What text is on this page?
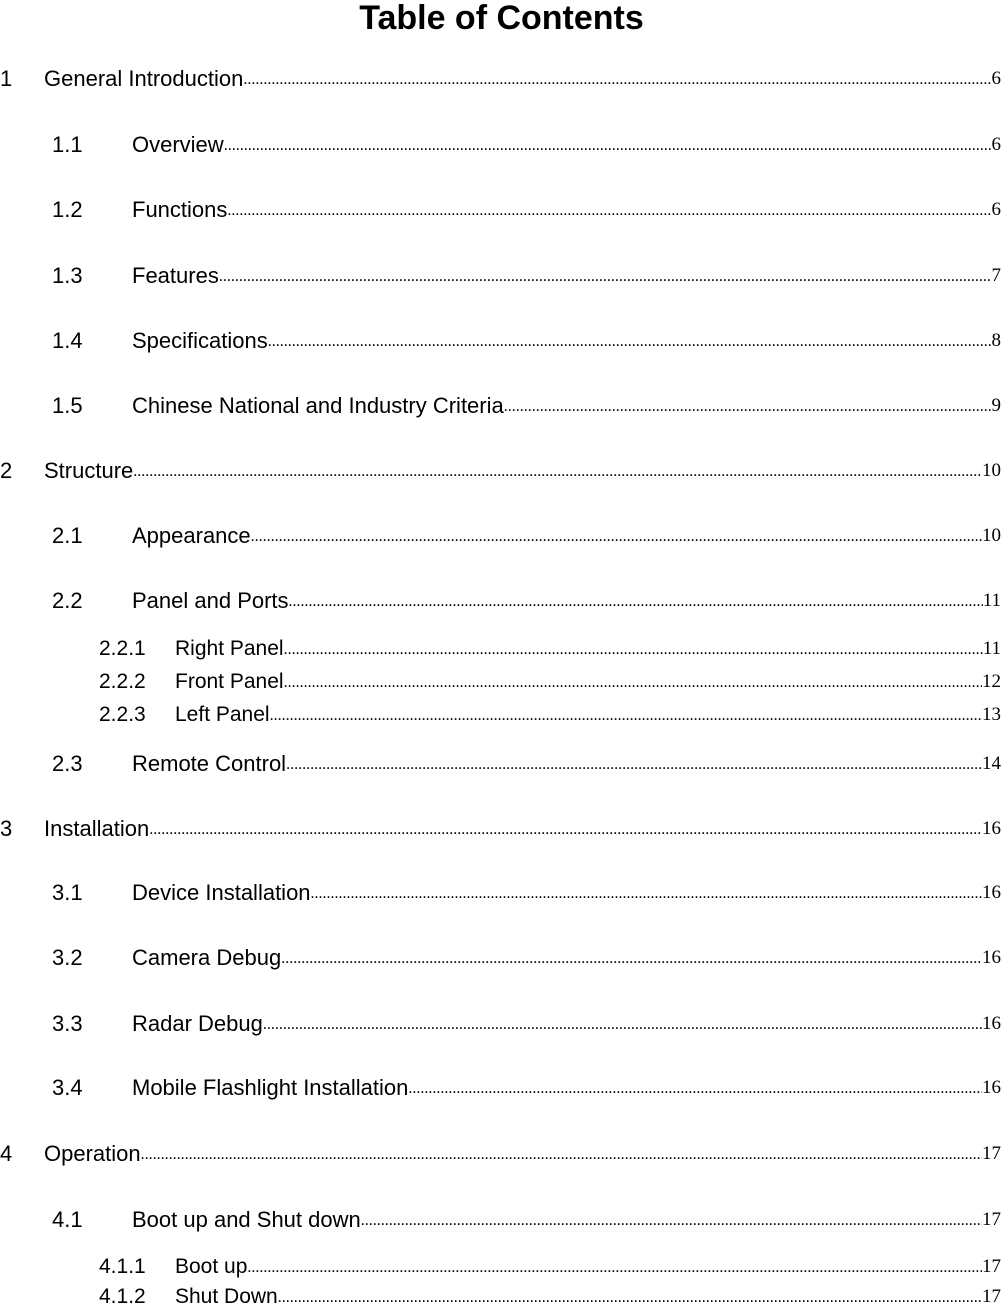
Table of Contents
1	General Introduction .....	6
1.1	Overview .....	6
1.2	Functions .....	6
1.3	Features .....	7
1.4	Specifications .....	8
1.5	Chinese National and Industry Criteria .....	9
2	Structure .....	10
2.1	Appearance .....	10
2.2	Panel and Ports .....	11
2.2.1	Right Panel .....	11
2.2.2	Front Panel .....	12
2.2.3	Left Panel .....	13
2.3	Remote Control .....	14
3	Installation .....	16
3.1	Device Installation .....	16
3.2	Camera Debug .....	16
3.3	Radar Debug .....	16
3.4	Mobile Flashlight Installation .....	16
4	Operation .....	17
4.1	Boot up and Shut down .....	17
4.1.1	Boot up .....	17
4.1.2	Shut Down .....	17
